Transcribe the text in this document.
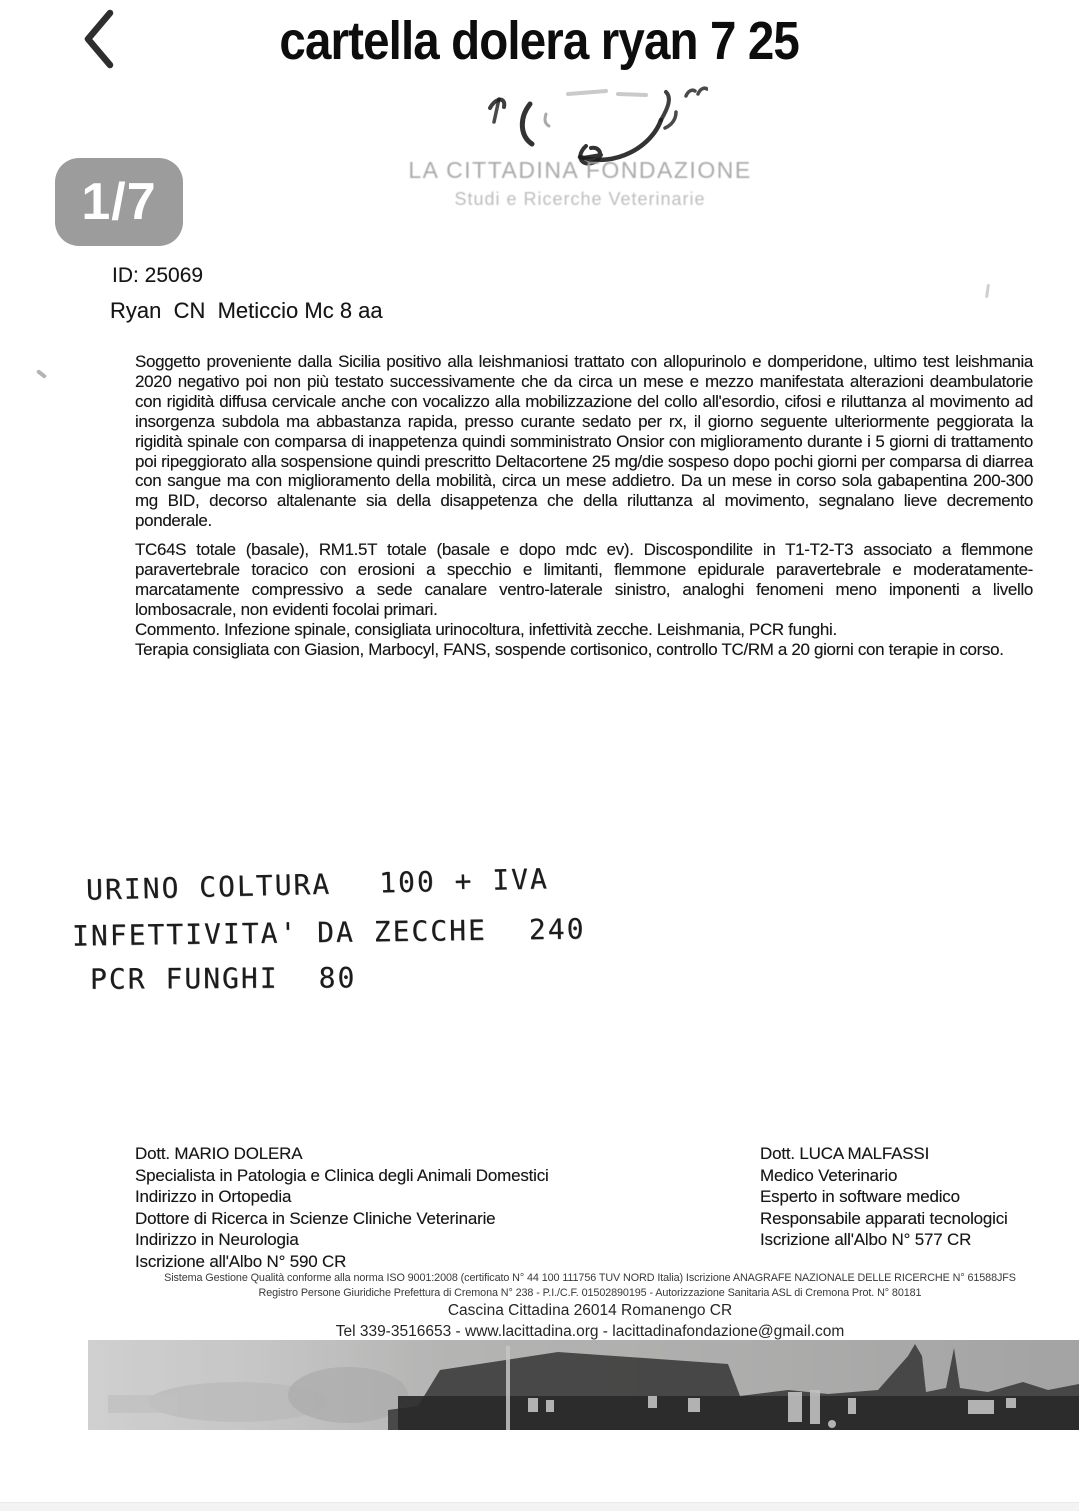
cartella dolera ryan 7 25
1/7
LA CITTADINA FONDAZIONE
Studi e Ricerche Veterinarie
ID: 25069
Ryan  CN  Meticcio Mc 8 aa

Soggetto proveniente dalla Sicilia positivo alla leishmaniosi trattato con allopurinolo e domperidone, ultimo test leishmania 2020 negativo poi non più testato successivamente che da circa un mese e mezzo manifestata alterazioni deambulatorie con rigidità diffusa cervicale anche con vocalizzo alla mobilizzazione del collo all'esordio, cifosi e riluttanza al movimento ad insorgenza subdola ma abbastanza rapida, presso curante sedato per rx, il giorno seguente ulteriormente peggiorata la rigidità spinale con comparsa di inappetenza quindi somministrato Onsior con miglioramento durante i 5 giorni di trattamento poi ripeggiorato alla sospensione quindi prescritto Deltacortene 25 mg/die sospeso dopo pochi giorni per comparsa di diarrea con sangue ma con miglioramento della mobilità, circa un mese addietro. Da un mese in corso sola gabapentina 200-300 mg BID, decorso altalenante sia della disappetenza che della riluttanza al movimento, segnalano lieve decremento ponderale.

TC64S totale (basale), RM1.5T totale (basale e dopo mdc ev). Discospondilite in T1-T2-T3 associato a flemmone paravertebrale toracico con erosioni a specchio e limitanti, flemmone epidurale paravertebrale e moderatamente-marcatamente compressivo a sede canalare ventro-laterale sinistro, analoghi fenomeni meno imponenti a livello lombosacrale, non evidenti focolai primari.

Commento. Infezione spinale, consigliata urinocoltura, infettività zecche. Leishmania, PCR funghi.

Terapia consigliata con Giasion, Marbocyl, FANS, sospende cortisonico, controllo TC/RM a 20 giorni con terapie in corso.

URINO COLTURA 100 + IVA
INFETTIVITA' DA ZECCHE 240
PCR FUNGHI 80
Dott. MARIO DOLERA
Specialista in Patologia e Clinica degli Animali Domestici
Indirizzo in Ortopedia
Dottore di Ricerca in Scienze Cliniche Veterinarie
Indirizzo in Neurologia
Iscrizione all'Albo N° 590 CR
Dott. LUCA MALFASSI
Medico Veterinario
Esperto in software medico
Responsabile apparati tecnologici
Iscrizione all'Albo N° 577 CR
Sistema Gestione Qualità conforme alla norma ISO 9001:2008 (certificato N° 44 100 111756 TUV NORD Italia) Iscrizione ANAGRAFE NAZIONALE DELLE RICERCHE N° 61588JFS
Registro Persone Giuridiche Prefettura di Cremona N° 238 - P.I./C.F. 01502890195 - Autorizzazione Sanitaria ASL di Cremona Prot. N° 80181
Cascina Cittadina 26014 Romanengo CR
Tel 339-3516653 - www.lacittadina.org - lacittadinafondazione@gmail.com
